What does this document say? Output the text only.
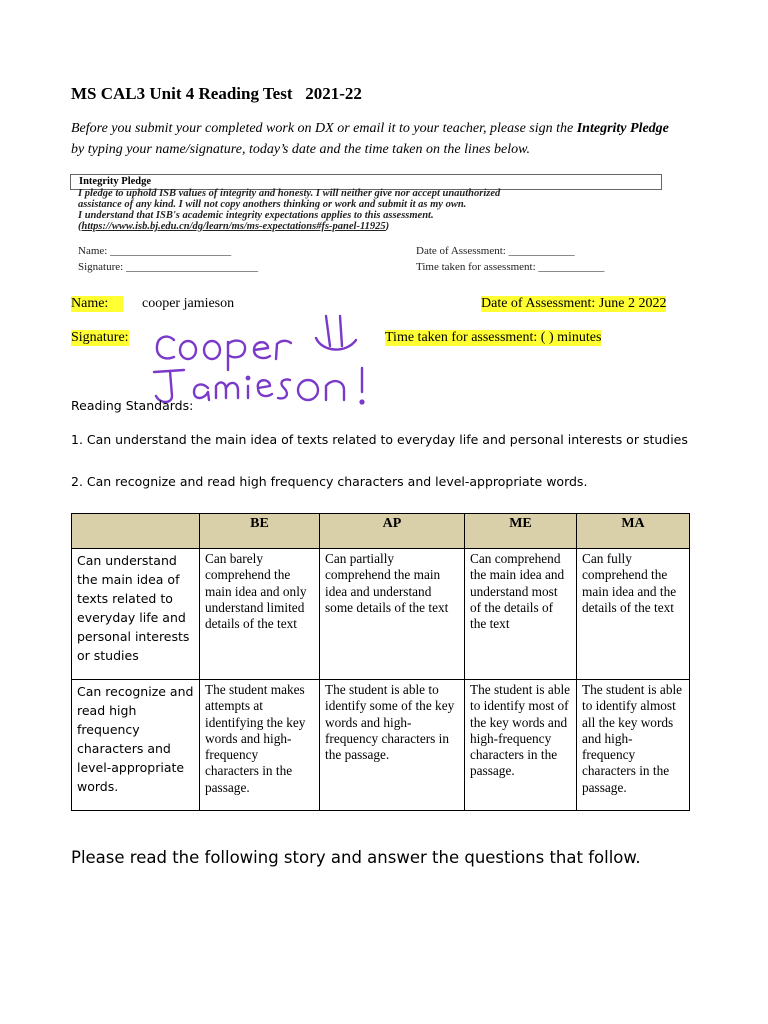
MS CAL3 Unit 4 Reading Test   2021-22
Before you submit your completed work on DX or email it to your teacher, please sign the Integrity Pledge by typing your name/signature, today’s date and the time taken on the lines below.
Integrity Pledge
I pledge to uphold ISB values of integrity and honesty. I will neither give nor accept unauthorized
assistance of any kind. I will not copy anothers thinking or work and submit it as my own.
I understand that ISB's academic integrity expectations applies to this assessment.
(https://www.isb.bj.edu.cn/dg/learn/ms/ms-expectations#fs-panel-11925)
Name: ______________________
Signature: ________________________
Date of Assessment: ____________
Time taken for assessment: ____________
Name:	cooper jamieson	Date of Assessment: June 2 2022
Signature:	Time taken for assessment: ( ) minutes
Reading Standards:
1. Can understand the main idea of texts related to everyday life and personal interests or studies
2. Can recognize and read high frequency characters and level-appropriate words.
	BE	AP	ME	MA
Can understand the main idea of texts related to everyday life and personal interests or studies	Can barely comprehend the main idea and only understand limited details of the text	Can partially comprehend the main idea and understand some details of the text	Can comprehend the main idea and understand most of the details of the text	Can fully comprehend the main idea and the details of the text
Can recognize and read high frequency characters and level-appropriate words.	The student makes attempts at identifying the key words and high-frequency characters in the passage.	The student is able to identify some of the key words and high-frequency characters in the passage.	The student is able to identify most of the key words and high-frequency characters in the passage.	The student is able to identify almost all the key words and high-frequency characters in the passage.
Please read the following story and answer the questions that follow.
